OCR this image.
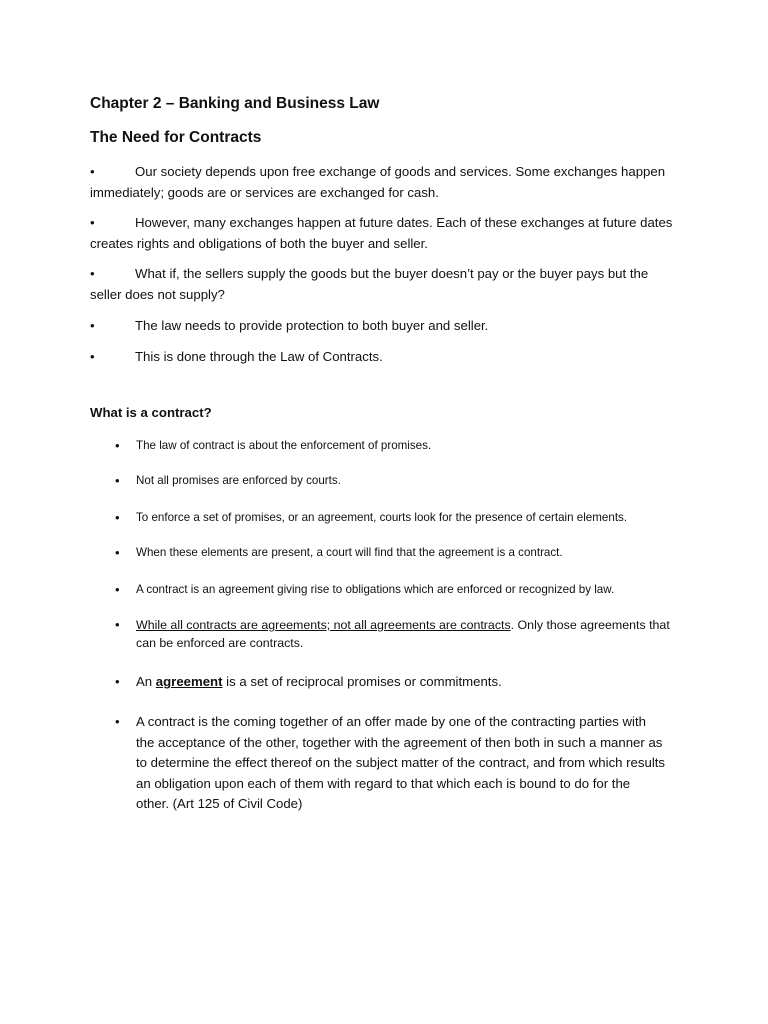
Chapter 2 – Banking and Business Law
The Need for Contracts

•	Our society depends upon free exchange of goods and services. Some exchanges happen immediately; goods are or services are exchanged for cash.

•	However, many exchanges happen at future dates. Each of these exchanges at future dates creates rights and obligations of both the buyer and seller.

•	What if, the sellers supply the goods but the buyer doesn’t pay or the buyer pays but the seller does not supply?

•	The law needs to provide protection to both buyer and seller.

•	This is done through the Law of Contracts.

What is a contract?

• The law of contract is about the enforcement of promises.

• Not all promises are enforced by courts.

• To enforce a set of promises, or an agreement, courts look for the presence of certain elements.

• When these elements are present, a court will find that the agreement is a contract.

• A contract is an agreement giving rise to obligations which are enforced or recognized by law.

• While all contracts are agreements; not all agreements are contracts. Only those agreements that can be enforced are contracts.

• An agreement is a set of reciprocal promises or commitments.

• A contract is the coming together of an offer made by one of the contracting parties with the acceptance of the other, together with the agreement of then both in such a manner as to determine the effect thereof on the subject matter of the contract, and from which results an obligation upon each of them with regard to that which each is bound to do for the other. (Art 125 of Civil Code)
